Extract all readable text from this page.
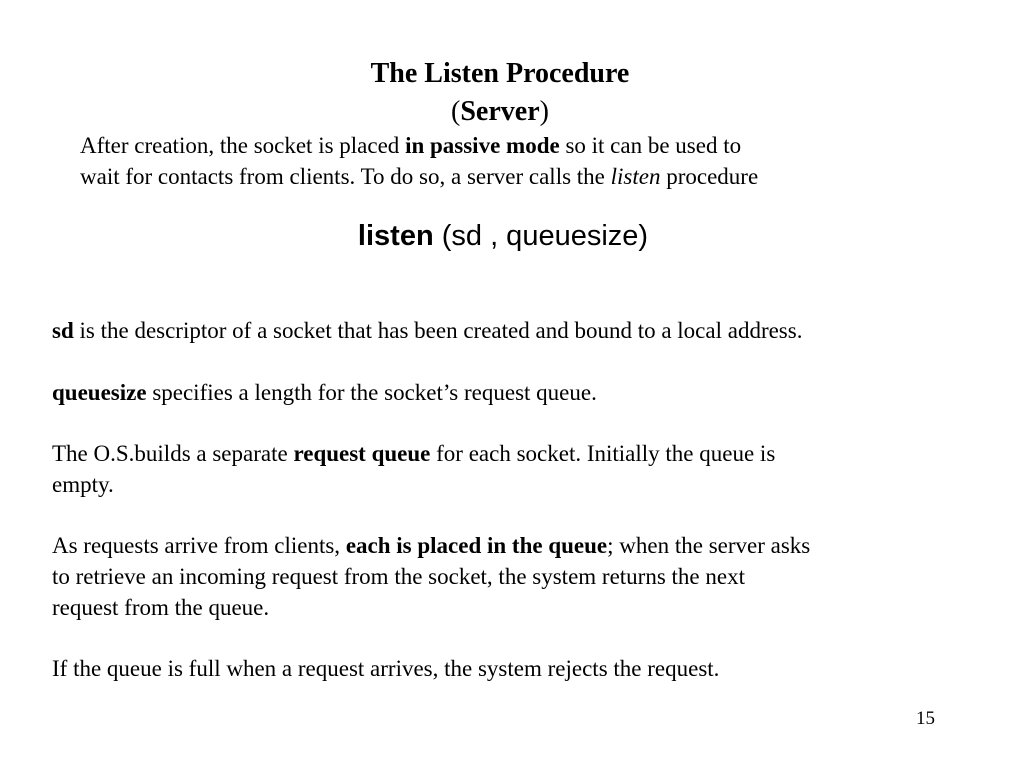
The Listen Procedure
(Server)
After creation, the socket is placed in passive mode so it can be used to
wait for contacts from clients. To do so, a server calls the listen procedure
listen (sd , queuesize)
sd is the descriptor of a socket that has been created and bound to a local address.
queuesize specifies a length for the socket’s request queue.
The O.S.builds a separate request queue for each socket. Initially the queue is
empty.
As requests arrive from clients, each is placed in the queue; when the server asks
to retrieve an incoming request from the socket, the system returns the next
request from the queue.
If the queue is full when a request arrives, the system rejects the request.
15
